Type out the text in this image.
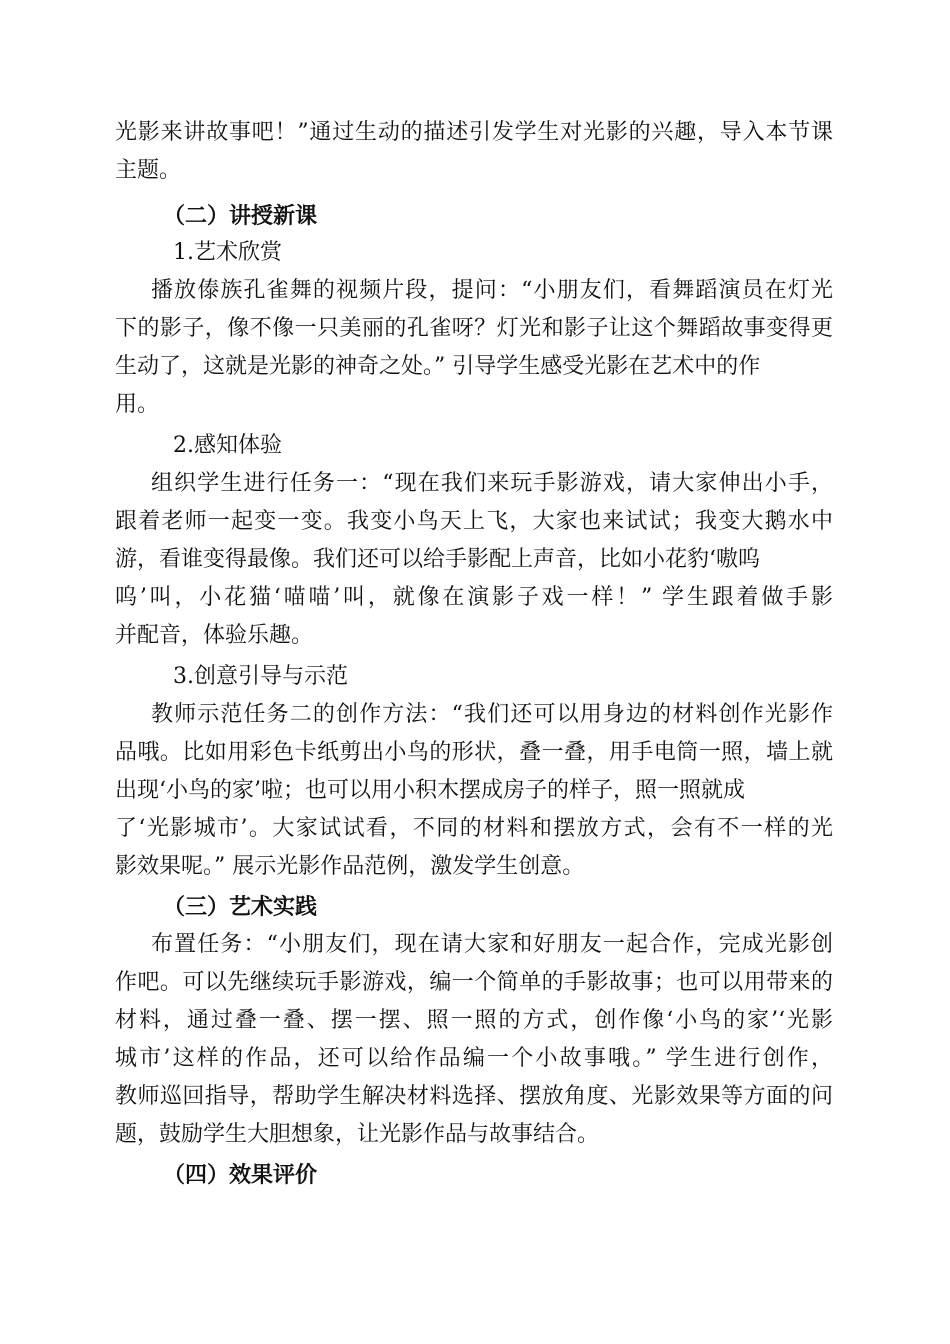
光影来讲故事吧！”通过生动的描述引发学生对光影的兴趣，导入本节课
主题。
（二）讲授新课
1.艺术欣赏
播放傣族孔雀舞的视频片段，提问：“小朋友们，看舞蹈演员在灯光
下的影子，像不像一只美丽的孔雀呀？灯光和影子让这个舞蹈故事变得更
生动了，这就是光影的神奇之处。” 引导学生感受光影在艺术中的作
用。
2.感知体验
组织学生进行任务一：“现在我们来玩手影游戏，请大家伸出小手，
跟着老师一起变一变。我变小鸟天上飞，大家也来试试；我变大鹅水中
游，看谁变得最像。我们还可以给手影配上声音，比如小花豹‘嗷呜
呜’叫，小花猫‘喵喵’叫，就像在演影子戏一样！” 学生跟着做手影
并配音，体验乐趣。
3.创意引导与示范
教师示范任务二的创作方法：“我们还可以用身边的材料创作光影作
品哦。比如用彩色卡纸剪出小鸟的形状，叠一叠，用手电筒一照，墙上就
出现‘小鸟的家’啦；也可以用小积木摆成房子的样子，照一照就成
了‘光影城市’。大家试试看，不同的材料和摆放方式，会有不一样的光
影效果呢。” 展示光影作品范例，激发学生创意。
（三）艺术实践
布置任务：“小朋友们，现在请大家和好朋友一起合作，完成光影创
作吧。可以先继续玩手影游戏，编一个简单的手影故事；也可以用带来的
材料，通过叠一叠、摆一摆、照一照的方式，创作像‘小鸟的家’‘光影
城市’这样的作品，还可以给作品编一个小故事哦。” 学生进行创作，
教师巡回指导，帮助学生解决材料选择、摆放角度、光影效果等方面的问
题，鼓励学生大胆想象，让光影作品与故事结合。
（四）效果评价
